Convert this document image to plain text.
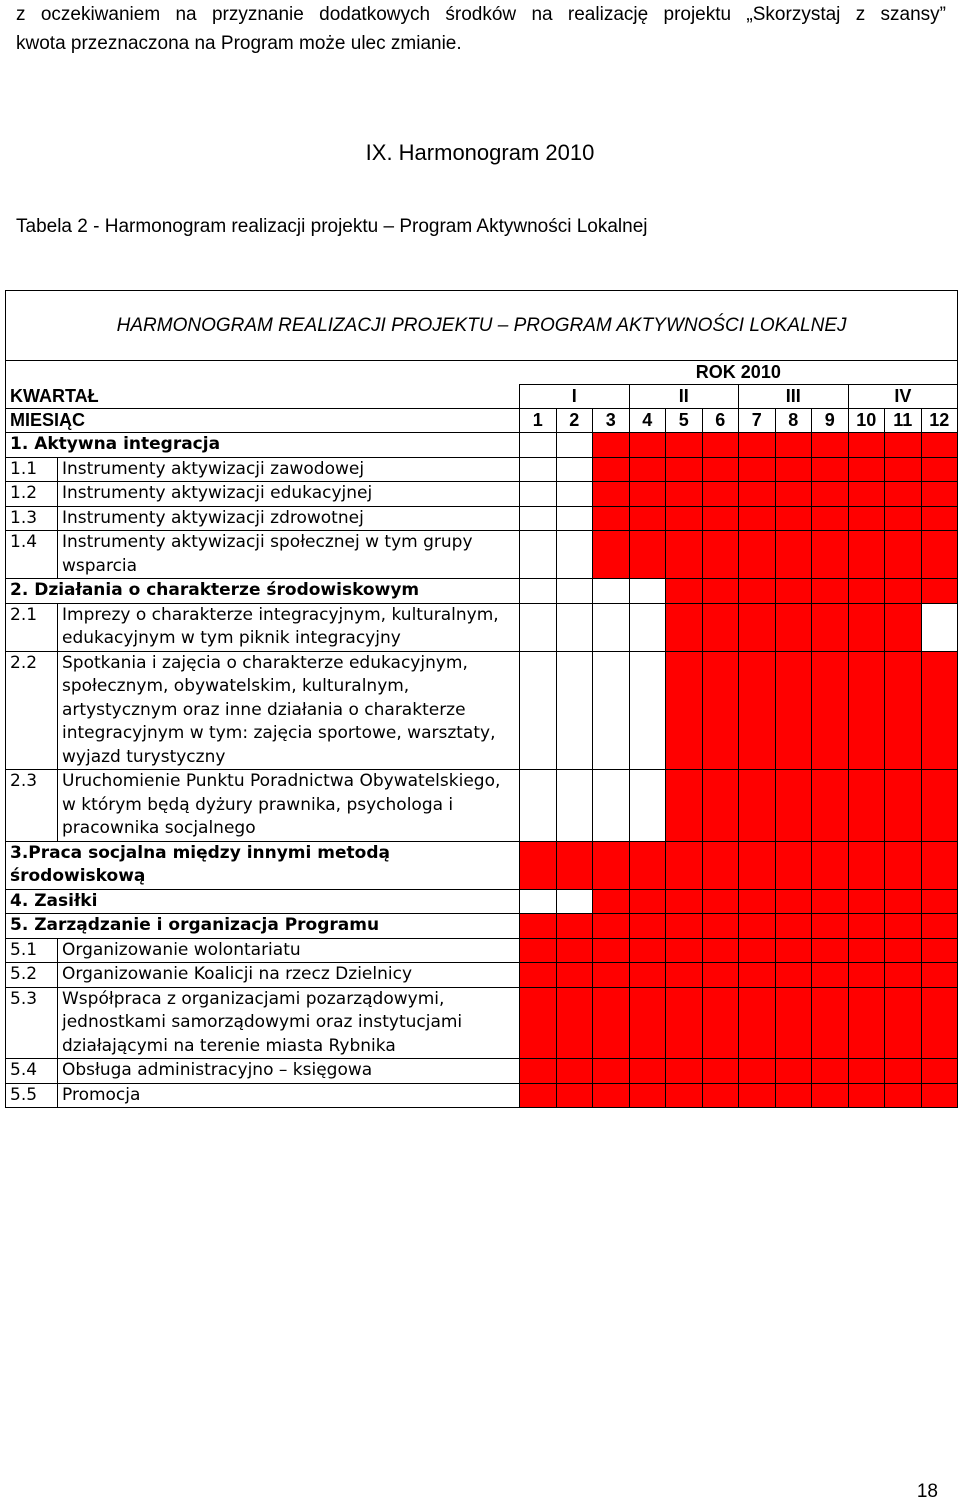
z oczekiwaniem na przyznanie dodatkowych środków na realizację projektu „Skorzystaj z szansy”

kwota przeznaczona na Program może ulec zmianie.

IX. Harmonogram 2010
Tabela 2 - Harmonogram realizacji projektu – Program Aktywności Lokalnej
HARMONOGRAM REALIZACJI PROJEKTU – PROGRAM AKTYWNOŚCI LOKALNEJ													
		ROK 2010											
KWARTAŁ		I			II			III			IV		
MIESIĄC		1	2	3	4	5	6	7	8	9	10	11	12
1. Aktywna integracja													
1.1	Instrumenty aktywizacji zawodowej												
1.2	Instrumenty aktywizacji edukacyjnej												
1.3	Instrumenty aktywizacji zdrowotnej												
1.4	Instrumenty aktywizacji społecznej w tym grupy wsparcia												
2. Działania o charakterze środowiskowym													
2.1	Imprezy o charakterze integracyjnym, kulturalnym, edukacyjnym w tym piknik integracyjny												
2.2	Spotkania i zajęcia o charakterze edukacyjnym, społecznym, obywatelskim, kulturalnym, artystycznym oraz inne działania o charakterze integracyjnym w tym: zajęcia sportowe, warsztaty, wyjazd turystyczny												
2.3	Uruchomienie Punktu Poradnictwa Obywatelskiego, w którym będą dyżury prawnika, psychologa i pracownika socjalnego												
3.Praca socjalna między innymi metodą środowiskową													
4. Zasiłki													
5. Zarządzanie i organizacja Programu													
5.1	Organizowanie wolontariatu												
5.2	Organizowanie Koalicji na rzecz Dzielnicy												
5.3	Współpraca z organizacjami pozarządowymi, jednostkami samorządowymi oraz instytucjami działającymi na terenie miasta Rybnika												
5.4	Obsługa administracyjno – księgowa												
5.5	Promocja												
18
